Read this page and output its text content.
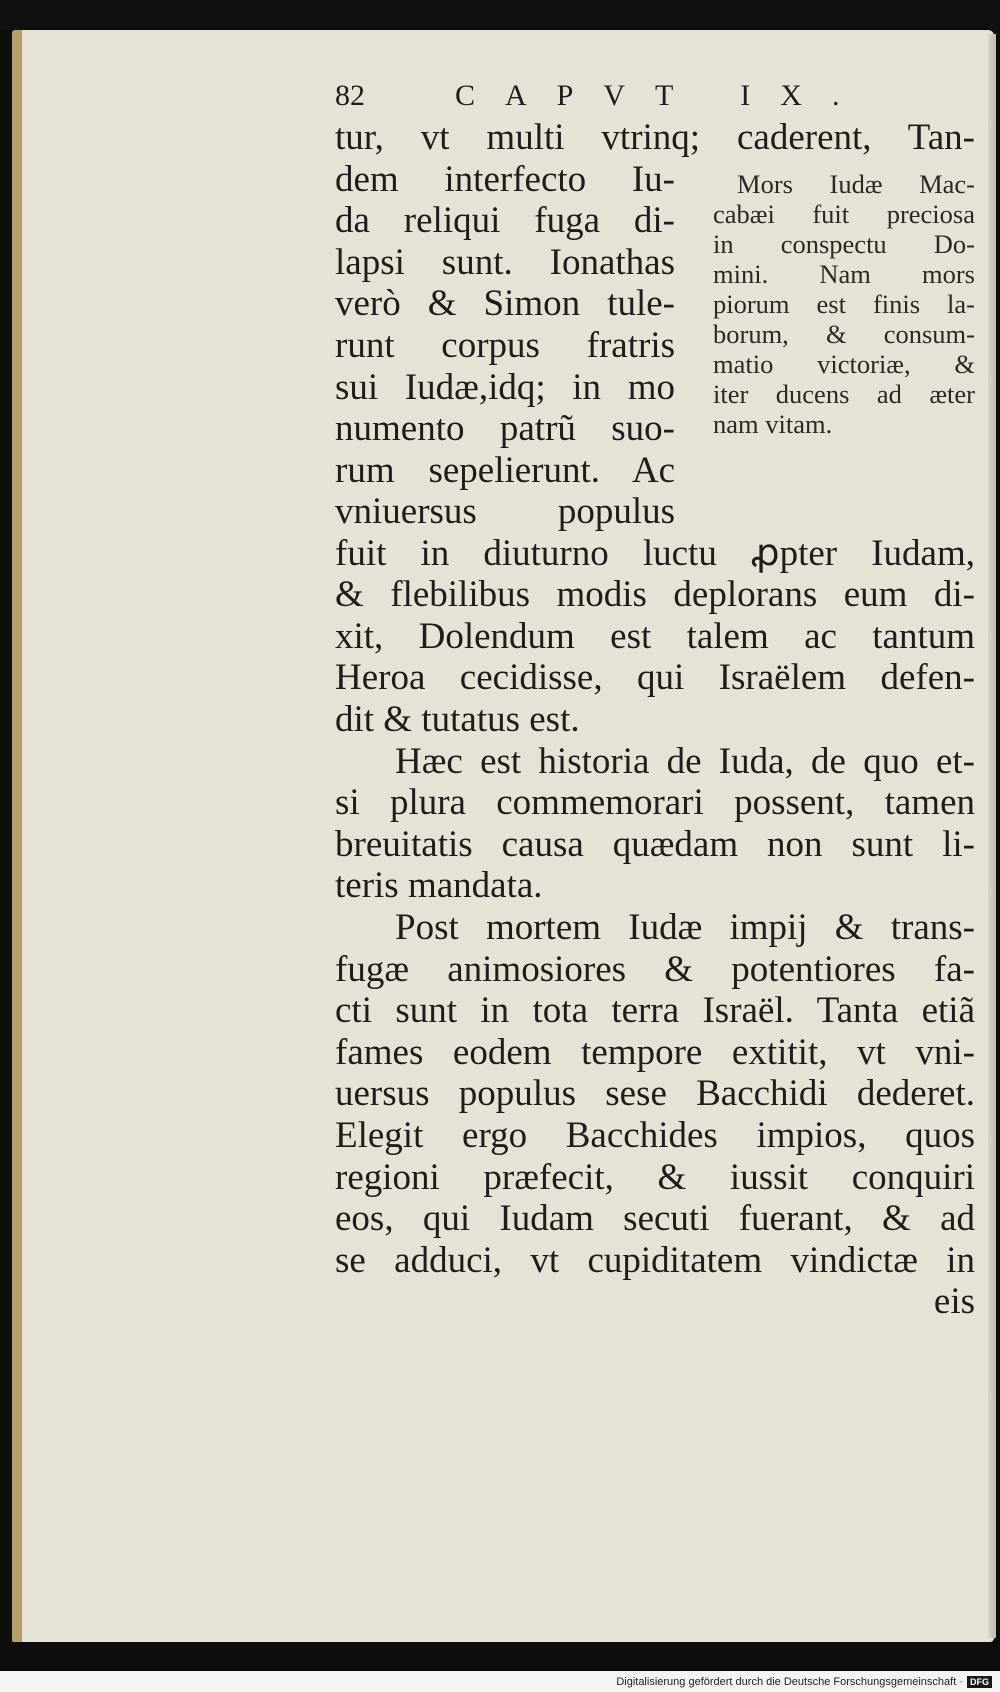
82	CAPVT IX.
tur, vt multi vtrinq; caderent, Tan-
dem interfecto Iu-
da reliqui fuga di-
lapsi sunt. Ionathas
verò & Simon tule-
runt corpus fratris
sui Iudæ,idq; in mo
numento patrũ suo-
rum sepelierunt. Ac
vniuersus populus
Mors Iudæ Mac-
cabæi fuit preciosa
in conspectu Do-
mini. Nam mors
piorum est finis la-
borum, & consum-
matio victoriæ, &
iter ducens ad æter
nam vitam.
fuit in diuturno luctu ꝓpter Iudam,
& flebilibus modis deplorans eum di-
xit, Dolendum est talem ac tantum
Heroa cecidisse, qui Israëlem defen-
dit & tutatus est.
Hæc est historia de Iuda, de quo et-
si plura commemorari possent, tamen
breuitatis causa quædam non sunt li-
teris mandata.
Post mortem Iudæ impij & trans-
fugæ animosiores & potentiores fa-
cti sunt in tota terra Israël. Tanta etiã
fames eodem tempore extitit, vt vni-
uersus populus sese Bacchidi dederet.
Elegit ergo Bacchides impios, quos
regioni præfecit, & iussit conquiri
eos, qui Iudam secuti fuerant, & ad
se adduci, vt cupiditatem vindictæ in
eis
Digitalisierung gefördert durch die Deutsche Forschungsgemeinschaft · DFG
